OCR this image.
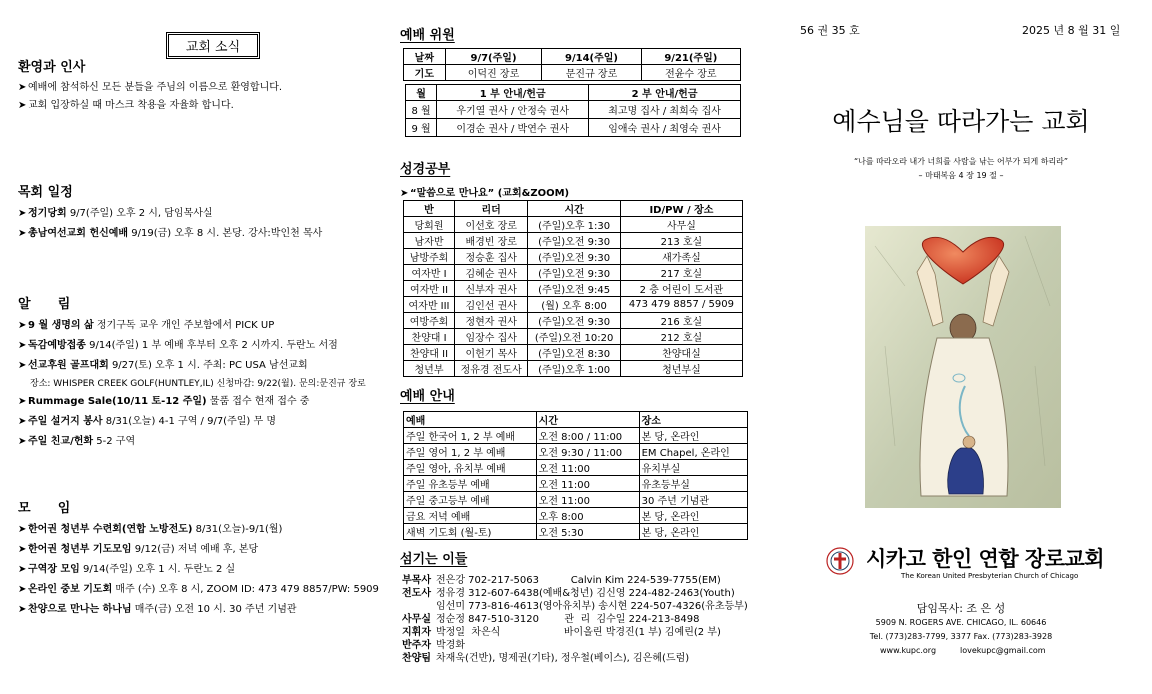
교회 소식
환영과 인사
➤ 예배에 참석하신 모든 분들을 주님의 이름으로 환영합니다.
➤ 교회 입장하실 때 마스크 착용을 자율화 합니다.
목회 일정
➤ 정기당회 9/7(주일) 오후 2 시, 담임목사실
➤ 총남여선교회 헌신예배 9/19(금) 오후 8 시. 본당. 강사:박인천 목사
알      림
➤ 9 월 생명의 삶 정기구독 교우 개인 주보함에서 PICK UP
➤ 독감예방접종 9/14(주일) 1 부 예배 후부터 오후 2 시까지. 두란노 서점
➤ 선교후원 골프대회 9/27(토) 오후 1 시. 주최: PC USA 남선교회
장소: WHISPER CREEK GOLF(HUNTLEY,IL) 신청마감: 9/22(월). 문의:문진규 장로
➤ Rummage Sale(10/11 토-12 주일) 물품 접수 현재 접수 중
➤ 주일 설거지 봉사 8/31(오늘) 4-1 구역 / 9/7(주일) 무 명
➤ 주일 친교/헌화 5-2 구역
모      임
➤ 한어권 청년부 수련회(연합 노방전도) 8/31(오늘)-9/1(월)
➤ 한어권 청년부 기도모임 9/12(금) 저녁 예배 후, 본당
➤ 구역장 모임 9/14(주일) 오후 1 시. 두란노 2 실
➤ 온라인 중보 기도회 매주 (수) 오후 8 시, ZOOM ID: 473 479 8857/PW: 5909
➤ 찬양으로 만나는 하나님 매주(금) 오전 10 시. 30 주년 기념관
예배 위원
날짜	9/7(주일)	9/14(주일)	9/21(주일)
기도	이덕진 장로	문진규 장로	전윤수 장로
월	1 부 안내/헌금	2 부 안내/헌금
8 월	우기열 권사 / 안정숙 권사	최고명 집사 / 최희숙 집사
9 월	이경순 권사 / 박연수 권사	임애숙 권사 / 최영숙 권사
성경공부
➤ “말씀으로 만나요” (교회&ZOOM)
반	리더	시간	ID/PW / 장소
당회원	이선호 장로	(주일)오후 1:30	사무실
남자반	배경빈 장로	(주일)오전 9:30	213 호실
남방주회	정승훈 집사	(주일)오전 9:30	새가족실
여자반 I	김혜순 권사	(주일)오전 9:30	217 호실
여자반 II	신부자 권사	(주일)오전 9:45	2 층 어린이 도서관
여자반 III	김인선 권사	(월) 오후 8:00	473 479 8857 / 5909
여방주회	정현자 권사	(주일)오전 9:30	216 호실
찬양대 I	임장수 집사	(주일)오전 10:20	212 호실
찬양대 II	이헌기 목사	(주일)오전 8:30	찬양대실
청년부	정유경 전도사	(주일)오후 1:00	청년부실
예배 안내
예배	시간	장소
주일 한국어 1, 2 부 예배	오전 8:00 / 11:00	본 당, 온라인
주일 영어 1, 2 부 예배	오전 9:30 / 11:00	EM Chapel, 온라인
주일 영아, 유치부 예배	오전 11:00	유치부실
주일 유초등부 예배	오전 11:00	유초등부실
주일 중고등부 예배	오전 11:00	30 주년 기념관
금요 저녁 예배	오후 8:00	본 당, 온라인
새벽 기도회 (월-토)	오전 5:30	본 당, 온라인
섬기는 이들
부목사 전은강 702-217-5063          Calvin Kim 224-539-7755(EM)
전도사 정유경 312-607-6438(예배&청년) 김신영 224-482-2463(Youth)
임선미 773-816-4613(영아유치부) 송시현 224-507-4326(유초등부)
사무실 정순정 847-510-3120        관  리  김수일 224-213-8498
지휘자 박정일  차은식                    바이올린 박경진(1 부) 김예린(2 부)
반주자 박경화
찬양팀 차재욱(건반), 명제권(기타), 정우철(베이스), 김은혜(드럼)
56 권 35 호	2025 년 8 월 31 일
예수님을 따라가는 교회
“나를 따라오라 내가 너희를 사람을 낚는 어부가 되게 하리라”
– 마태복음 4 장 19 절 –
시카고 한인 연합 장로교회
The Korean United Presbyterian Church of Chicago
담임목사: 조 은 성
5909 N. ROGERS AVE. CHICAGO, IL. 60646
Tel. (773)283-7799, 3377 Fax. (773)283-3928
www.kupc.org	lovekupc@gmail.com
